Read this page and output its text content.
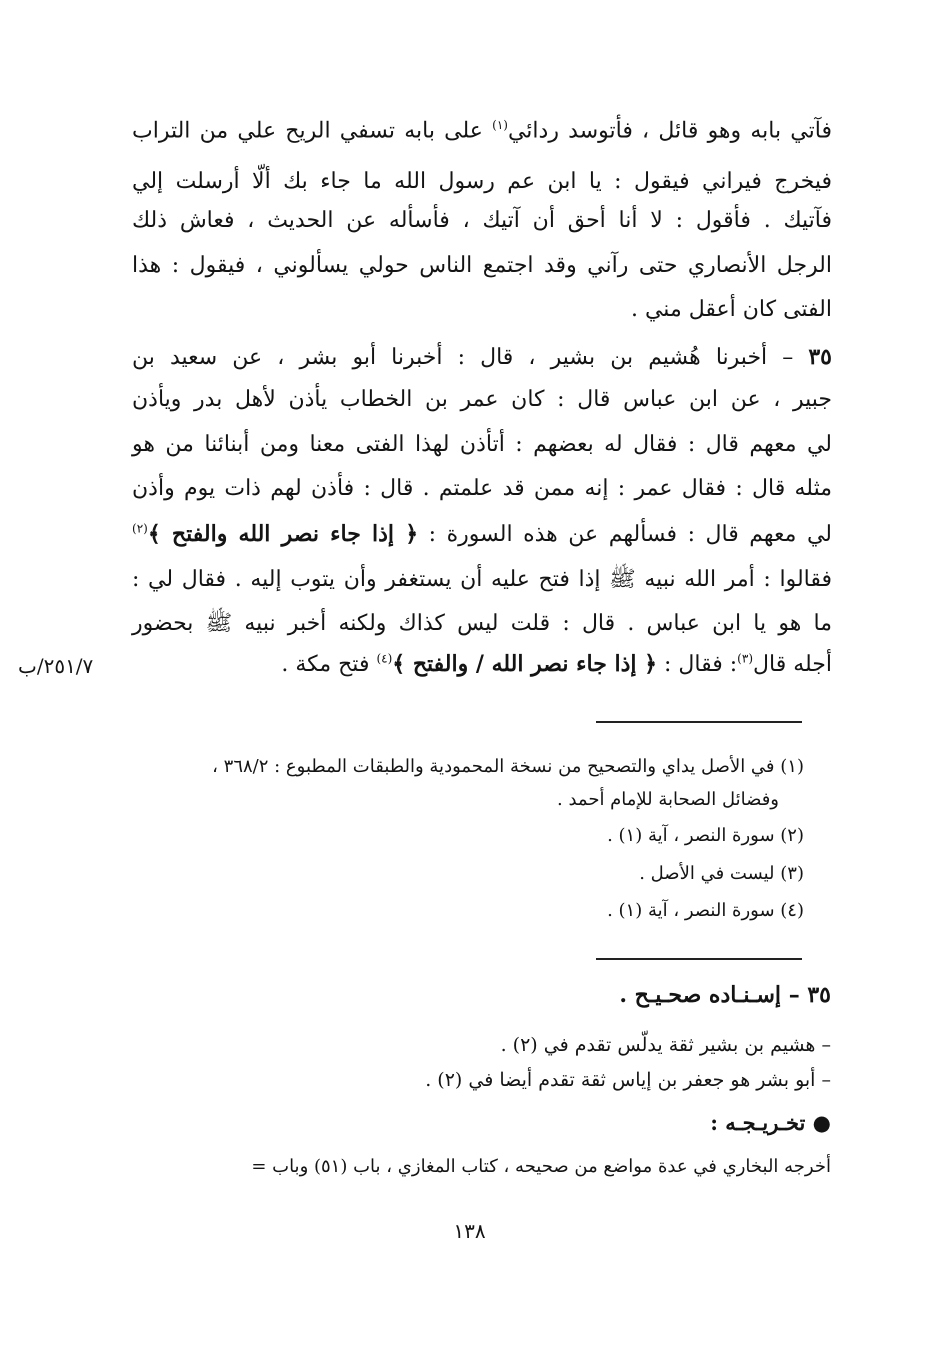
فآتي بابه وهو قائل ، فأتوسد ردائي$^{(١)}$ على بابه تسفي الريح علي من التراب
فيخرج فيراني فيقول : يا ابن عم رسول الله ما جاء بك ألّا أرسلت إلي
فآتيك . فأقول : لا أنا أحق أن آتيك ، فأسأله عن الحديث ، فعاش ذلك
الرجل الأنصاري حتى رآني وقد اجتمع الناس حولي يسألوني ، فيقول : هذا
الفتى كان أعقل مني .
٣٥ – أخبرنا هُشيم بن بشير ، قال : أخبرنا أبو بشر ، عن سعيد بن
جبير ، عن ابن عباس قال : كان عمر بن الخطاب يأذن لأهل بدر ويأذن
لي معهم قال : فقال له بعضهم : أتأذن لهذا الفتى معنا ومن أبنائنا من هو
مثله قال : فقال عمر : إنه ممن قد علمتم . قال : فأذن لهم ذات يوم وأذن
لي معهم قال : فسألهم عن هذه السورة : ﴿ إذا جاء نصر الله والفتح ﴾$^{(٢)}$
فقالوا : أمر الله نبيه ﷺ إذا فتح عليه أن يستغفر وأن يتوب إليه . فقال لي :
ما هو يا ابن عباس . قال : قلت ليس كذاك ولكنه أخبر نبيه ﷺ بحضور
أجله قال$^{(٣)}$: فقال : ﴿ إذا جاء نصر الله / والفتح ﴾$^{(٤)}$ فتح مكة .
٢٥١/٧/ب
(١) في الأصل يداي والتصحيح من نسخة المحمودية والطبقات المطبوع : ٣٦٨/٢ ،
وفضائل الصحابة للإمام أحمد .
(٢) سورة النصر ، آية (١) .
(٣) ليست في الأصل .
(٤) سورة النصر ، آية (١) .
٣٥ – إسـنـاده صحـيـح .
– هشيم بن بشير ثقة يدلّس تقدم في (٢) .
– أبو بشر هو جعفر بن إياس ثقة تقدم أيضا في (٢) .
● تخـريـجـه :
أخرجه البخاري في عدة مواضع من صحيحه ، كتاب المغازي ، باب (٥١) وباب =
١٣٨
